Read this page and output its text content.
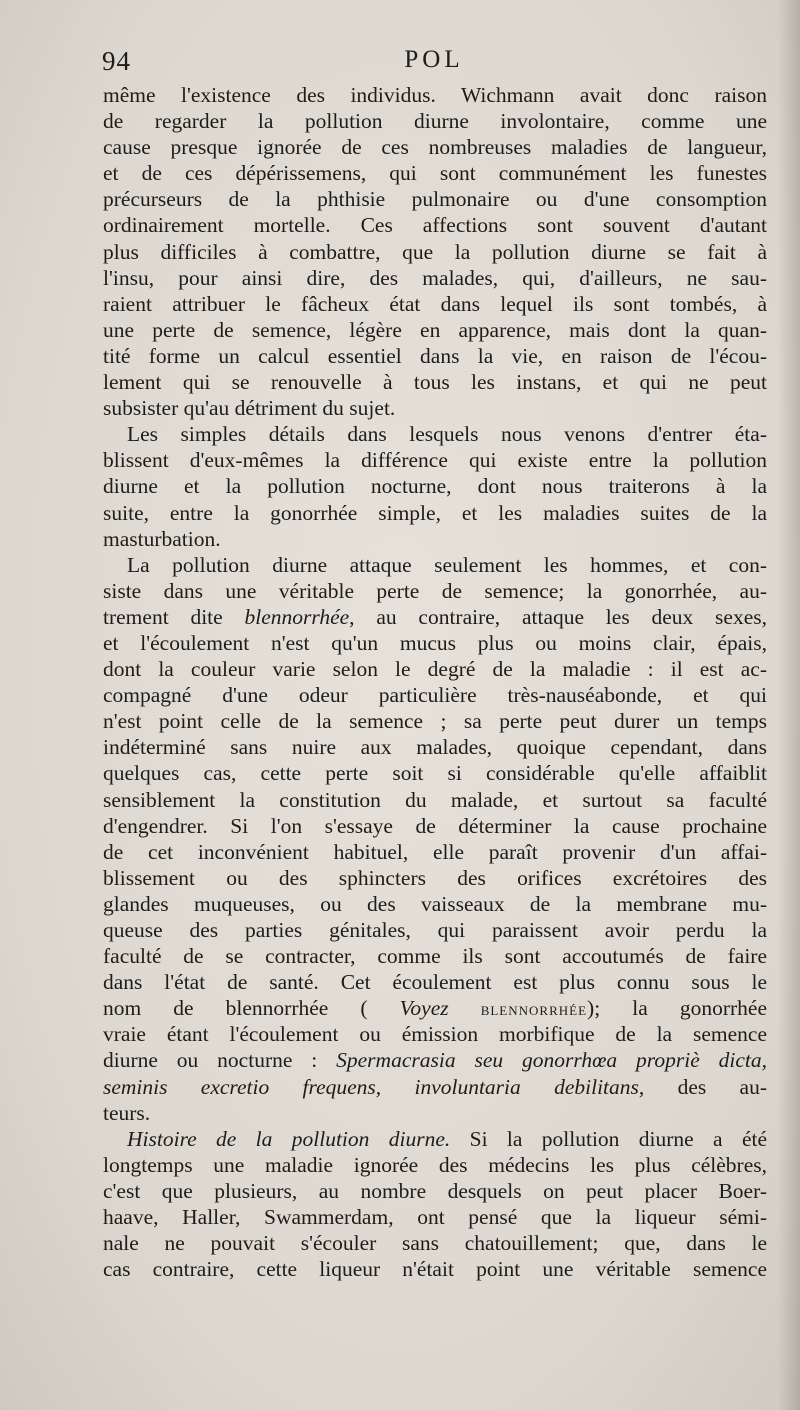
94	POL
même l'existence des individus. Wichmann avait donc raison
de regarder la pollution diurne involontaire, comme une
cause presque ignorée de ces nombreuses maladies de langueur,
et de ces dépérissemens, qui sont communément les funestes
précurseurs de la phthisie pulmonaire ou d'une consomption
ordinairement mortelle. Ces affections sont souvent d'autant
plus difficiles à combattre, que la pollution diurne se fait à
l'insu, pour ainsi dire, des malades, qui, d'ailleurs, ne sau-
raient attribuer le fâcheux état dans lequel ils sont tombés, à
une perte de semence, légère en apparence, mais dont la quan-
tité forme un calcul essentiel dans la vie, en raison de l'écou-
lement qui se renouvelle à tous les instans, et qui ne peut
subsister qu'au détriment du sujet.
Les simples détails dans lesquels nous venons d'entrer éta-
blissent d'eux-mêmes la différence qui existe entre la pollution
diurne et la pollution nocturne, dont nous traiterons à la
suite, entre la gonorrhée simple, et les maladies suites de la
masturbation.
La pollution diurne attaque seulement les hommes, et con-
siste dans une véritable perte de semence; la gonorrhée, au-
trement dite blennorrhée, au contraire, attaque les deux sexes,
et l'écoulement n'est qu'un mucus plus ou moins clair, épais,
dont la couleur varie selon le degré de la maladie : il est ac-
compagné d'une odeur particulière très-nauséabonde, et qui
n'est point celle de la semence ; sa perte peut durer un temps
indéterminé sans nuire aux malades, quoique cependant, dans
quelques cas, cette perte soit si considérable qu'elle affaiblit
sensiblement la constitution du malade, et surtout sa faculté
d'engendrer. Si l'on s'essaye de déterminer la cause prochaine
de cet inconvénient habituel, elle paraît provenir d'un affai-
blissement ou des sphincters des orifices excrétoires des
glandes muqueuses, ou des vaisseaux de la membrane mu-
queuse des parties génitales, qui paraissent avoir perdu la
faculté de se contracter, comme ils sont accoutumés de faire
dans l'état de santé. Cet écoulement est plus connu sous le
nom de blennorrhée ( Voyez blennorrhée); la gonorrhée
vraie étant l'écoulement ou émission morbifique de la semence
diurne ou nocturne : Spermacrasia seu gonorrhœa propriè dicta,
seminis excretio frequens, involuntaria debilitans, des au-
teurs.
Histoire de la pollution diurne. Si la pollution diurne a été
longtemps une maladie ignorée des médecins les plus célèbres,
c'est que plusieurs, au nombre desquels on peut placer Boer-
haave, Haller, Swammerdam, ont pensé que la liqueur sémi-
nale ne pouvait s'écouler sans chatouillement; que, dans le
cas contraire, cette liqueur n'était point une véritable semence
